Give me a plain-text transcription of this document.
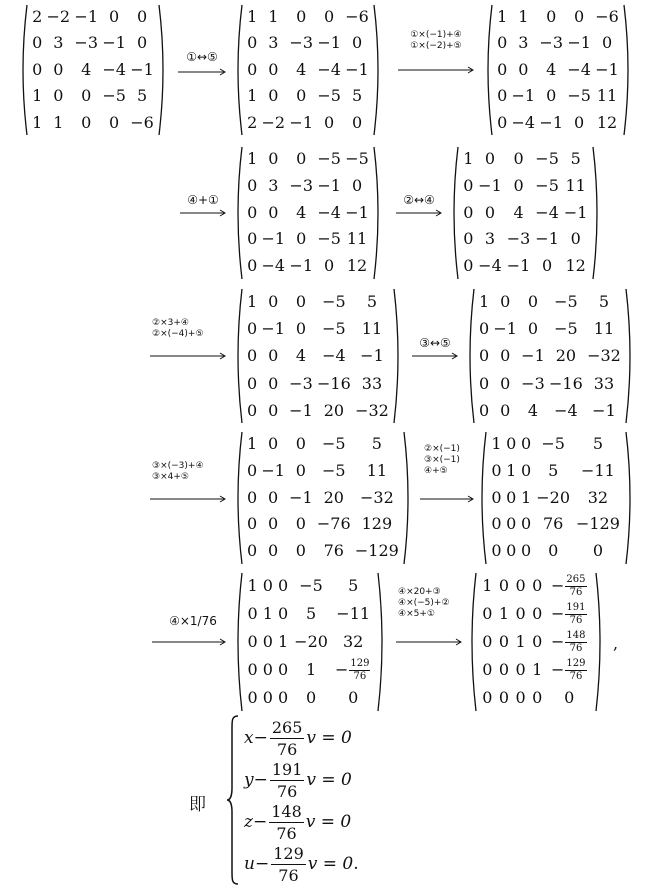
2	−2	−1	0	0
0	3	−3	−1	0
0	0	4	−4	−1
1	0	0	−5	5
1	1	0	0	−6
1	1	0	0	−6
0	3	−3	−1	0
0	0	4	−4	−1
1	0	0	−5	5
2	−2	−1	0	0
1	1	0	0	−6
0	3	−3	−1	0
0	0	4	−4	−1
0	−1	0	−5	11
0	−4	−1	0	12
1	0	0	−5	−5
0	3	−3	−1	0
0	0	4	−4	−1
0	−1	0	−5	11
0	−4	−1	0	12
1	0	0	−5	5
0	−1	0	−5	11
0	0	4	−4	−1
0	3	−3	−1	0
0	−4	−1	0	12
1	0	0	−5	5
0	−1	0	−5	11
0	0	4	−4	−1
0	0	−3	−16	33
0	0	−1	20	−32
1	0	0	−5	5
0	−1	0	−5	11
0	0	−1	20	−32
0	0	−3	−16	33
0	0	4	−4	−1
1	0	0	−5	5
0	−1	0	−5	11
0	0	−1	20	−32
0	0	0	−76	129
0	0	0	76	−129
1	0	0	−5	5
0	1	0	5	−11
0	0	1	−20	32
0	0	0	76	−129
0	0	0	0	0
1	0	0	−5	5
0	1	0	5	−11
0	0	1	−20	32
0	0	0	1	− $\frac{129}{76}$

0	0	0	0	0
1	0	0	0	− $\frac{265}{76}$

0	1	0	0	− $\frac{191}{76}$

0	0	1	0	− $\frac{148}{76}$

0	0	0	1	− $\frac{129}{76}$

0	0	0	0	0
①↔⑤
①×(−1)+④
①×(−2)+⑤
④+①	②↔④
②×3+④
②×(−4)+⑤
③↔⑤
③×(−3)+④
③×4+⑤
②×(−1)
③×(−1)
④+⑤
④×1/76
④×20+③
④×(−5)+②
④×5+①
,
即
$x - \frac{265}{76}$ v = 0
$y - \frac{191}{76}$ v = 0
$z - \frac{148}{76}$ v = 0
$u - \frac{129}{76}$ v = 0.
